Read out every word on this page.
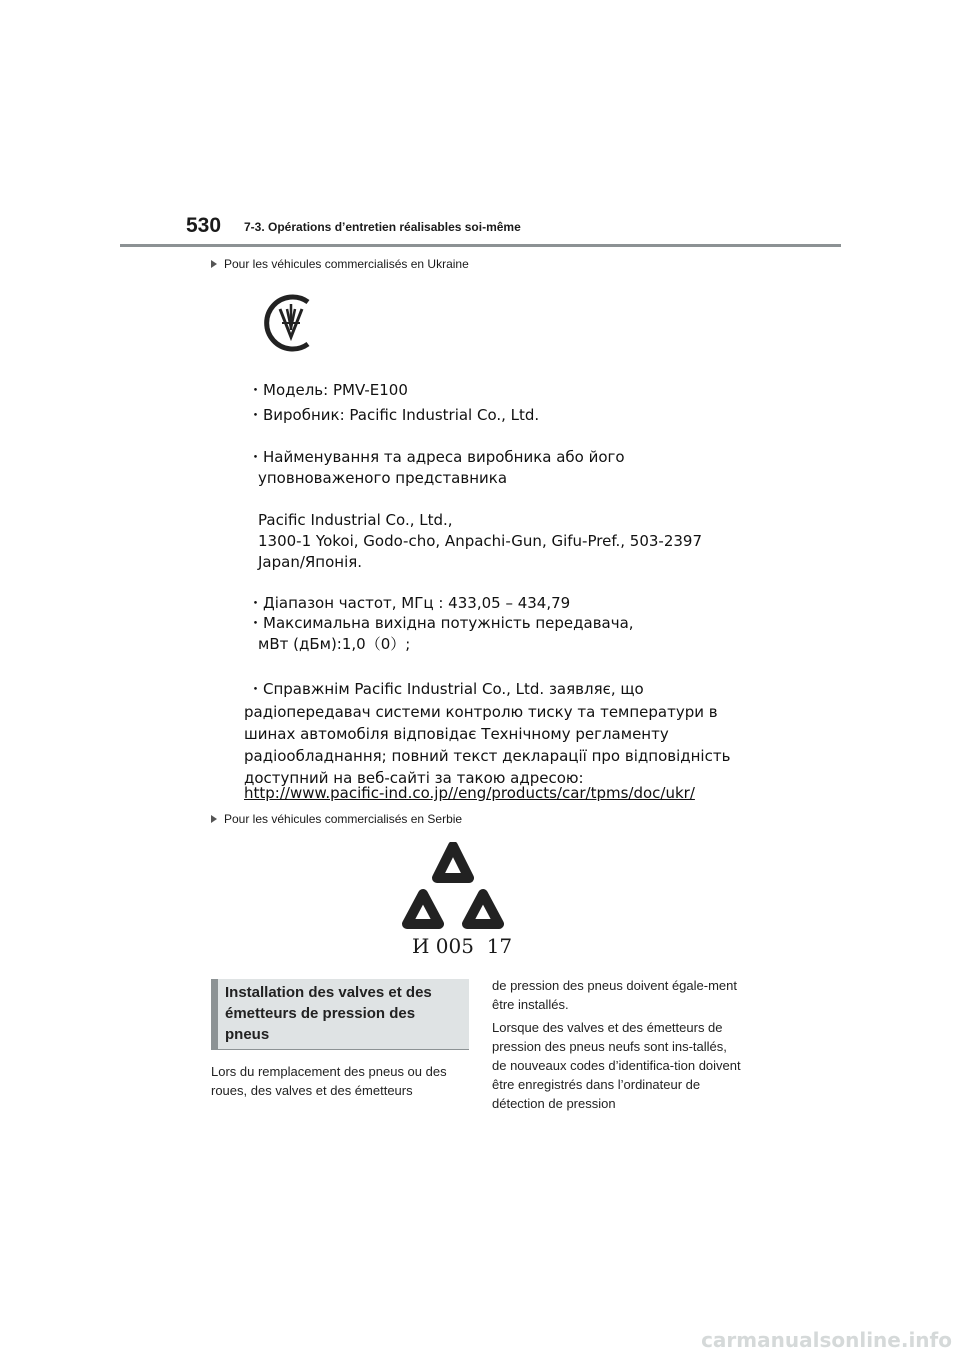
530 7-3. Opérations d’entretien réalisables soi-même
Pour les véhicules commercialisés en Ukraine
・Модель: PMV-E100
・Виробник: Pacific Industrial Co., Ltd.
・Найменування та адреса виробника або його
уповноваженого представника
Pacific Industrial Co., Ltd.,
1300-1 Yokoi, Godo-cho, Anpachi-Gun, Gifu-Pref., 503-2397
Japan/Японія.
・Діапазон частот, МГц : 433,05 – 434,79
・Максимальна вихідна потужність передавача,
мВт (дБм):1,0（0）;
・Справжнім Pacific Industrial Co., Ltd. заявляє, що
радіопередавач системи контролю тиску та температури в
шинах автомобіля відповідає Технічному регламенту
радіообладнання; повний текст декларації про відповідність
доступний на веб-сайті за такою адресою:
http://www.pacific-ind.co.jp//eng/products/car/tpms/doc/ukr/
Pour les véhicules commercialisés en Serbie
И 005  17
Installation des valves et des émetteurs de pression des pneus
Lors du remplacement des pneus ou des roues, des valves et des émetteurs
de pression des pneus doivent égale-ment être installés.
Lorsque des valves et des émetteurs de pression des pneus neufs sont ins-tallés, de nouveaux codes d’identifica-tion doivent être enregistrés dans l’ordinateur de détection de pression
carmanualsonline.info
